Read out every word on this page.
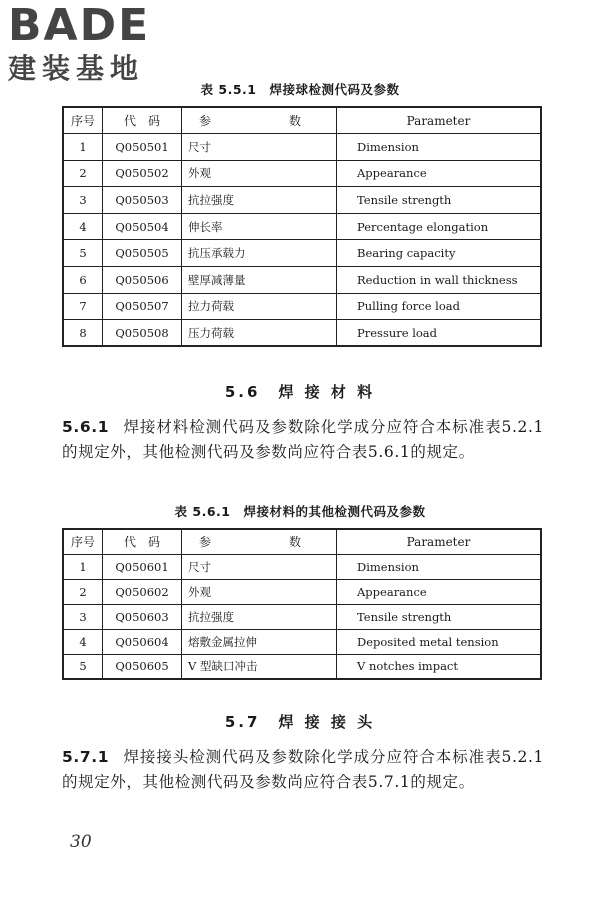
BADE
建装基地
表 5.5.1　焊接球检测代码及参数
序号	代　码	参　　数	Parameter
1	Q050501	尺寸	Dimension
2	Q050502	外观	Appearance
3	Q050503	抗拉强度	Tensile strength
4	Q050504	伸长率	Percentage elongation
5	Q050505	抗压承载力	Bearing capacity
6	Q050506	壁厚减薄量	Reduction in wall thickness
7	Q050507	拉力荷载	Pulling force load
8	Q050508	压力荷载	Pressure load
5.6　焊 接 材 料
5.6.1 焊接材料检测代码及参数除化学成分应符合本标准表5.2.1的规定外，其他检测代码及参数尚应符合表5.6.1的规定。
表 5.6.1　焊接材料的其他检测代码及参数
序号	代　码	参　　数	Parameter
1	Q050601	尺寸	Dimension
2	Q050602	外观	Appearance
3	Q050603	抗拉强度	Tensile strength
4	Q050604	熔敷金属拉伸	Deposited metal tension
5	Q050605	V 型缺口冲击	V notches impact
5.7　焊 接 接 头
5.7.1 焊接接头检测代码及参数除化学成分应符合本标准表5.2.1的规定外，其他检测代码及参数尚应符合表5.7.1的规定。
30
